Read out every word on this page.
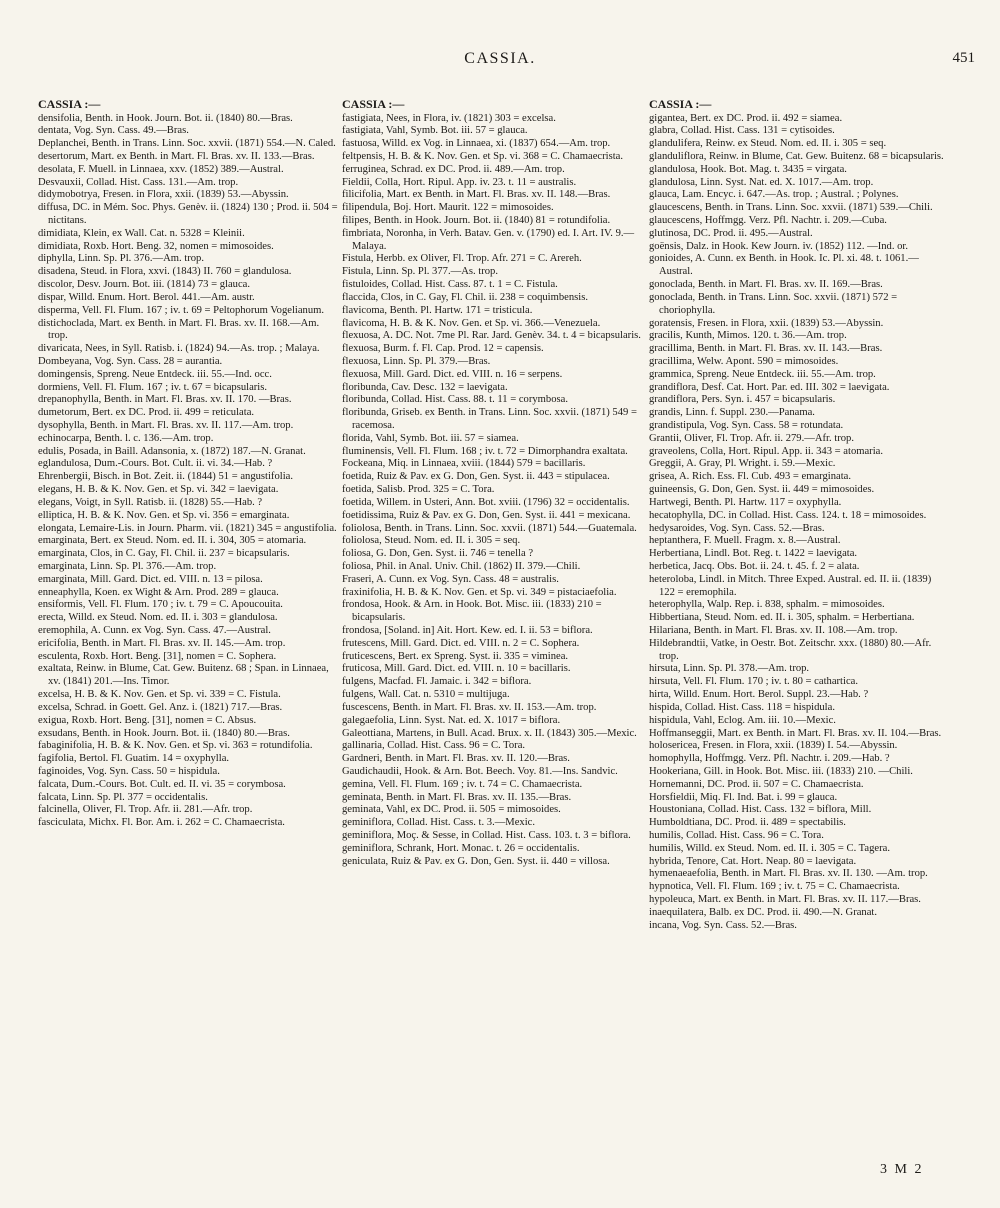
CASSIA.	451
CASSIA :—

densifolia, Benth. in Hook. Journ. Bot. ii. (1840) 80.—Bras.

dentata, Vog. Syn. Cass. 49.—Bras.

Deplanchei, Benth. in Trans. Linn. Soc. xxvii. (1871) 554.—N. Caled.

desertorum, Mart. ex Benth. in Mart. Fl. Bras. xv. II. 133.—Bras.

desolata, F. Muell. in Linnaea, xxv. (1852) 389.—Austral.

Desvauxii, Collad. Hist. Cass. 131.—Am. trop.

didymobotrya, Fresen. in Flora, xxii. (1839) 53.—Abyssin.

diffusa, DC. in Mém. Soc. Phys. Genèv. ii. (1824) 130 ; Prod. ii. 504 = nictitans.

dimidiata, Klein, ex Wall. Cat. n. 5328 = Kleinii.

dimidiata, Roxb. Hort. Beng. 32, nomen = mimosoides.

diphylla, Linn. Sp. Pl. 376.—Am. trop.

disadena, Steud. in Flora, xxvi. (1843) II. 760 = glandulosa.

discolor, Desv. Journ. Bot. iii. (1814) 73 = glauca.

dispar, Willd. Enum. Hort. Berol. 441.—Am. austr.

disperma, Vell. Fl. Flum. 167 ; iv. t. 69 = Peltophorum Vogelianum.

distichoclada, Mart. ex Benth. in Mart. Fl. Bras. xv. II. 168.—Am. trop.

divaricata, Nees, in Syll. Ratisb. i. (1824) 94.—As. trop. ; Malaya.

Dombeyana, Vog. Syn. Cass. 28 = aurantia.

domingensis, Spreng. Neue Entdeck. iii. 55.—Ind. occ.

dormiens, Vell. Fl. Flum. 167 ; iv. t. 67 = bicapsularis.

drepanophylla, Benth. in Mart. Fl. Bras. xv. II. 170. —Bras.

dumetorum, Bert. ex DC. Prod. ii. 499 = reticulata.

dysophylla, Benth. in Mart. Fl. Bras. xv. II. 117.—Am. trop.

echinocarpa, Benth. l. c. 136.—Am. trop.

edulis, Posada, in Baill. Adansonia, x. (1872) 187.—N. Granat.

eglandulosa, Dum.-Cours. Bot. Cult. ii. vi. 34.—Hab. ?

Ehrenbergii, Bisch. in Bot. Zeit. ii. (1844) 51 = angustifolia.

elegans, H. B. & K. Nov. Gen. et Sp. vi. 342 = laevigata.

elegans, Voigt, in Syll. Ratisb. ii. (1828) 55.—Hab. ?

elliptica, H. B. & K. Nov. Gen. et Sp. vi. 356 = emarginata.

elongata, Lemaire-Lis. in Journ. Pharm. vii. (1821) 345 = angustifolia.

emarginata, Bert. ex Steud. Nom. ed. II. i. 304, 305 = atomaria.

emarginata, Clos, in C. Gay, Fl. Chil. ii. 237 = bicapsularis.

emarginata, Linn. Sp. Pl. 376.—Am. trop.

emarginata, Mill. Gard. Dict. ed. VIII. n. 13 = pilosa.

enneaphylla, Koen. ex Wight & Arn. Prod. 289 = glauca.

ensiformis, Vell. Fl. Flum. 170 ; iv. t. 79 = C. Apoucouita.

erecta, Willd. ex Steud. Nom. ed. II. i. 303 = glandulosa.

eremophila, A. Cunn. ex Vog. Syn. Cass. 47.—Austral.

ericifolia, Benth. in Mart. Fl. Bras. xv. II. 145.—Am. trop.

esculenta, Roxb. Hort. Beng. [31], nomen = C. Sophera.

exaltata, Reinw. in Blume, Cat. Gew. Buitenz. 68 ; Span. in Linnaea, xv. (1841) 201.—Ins. Timor.

excelsa, H. B. & K. Nov. Gen. et Sp. vi. 339 = C. Fistula.

excelsa, Schrad. in Goett. Gel. Anz. i. (1821) 717.—Bras.

exigua, Roxb. Hort. Beng. [31], nomen = C. Absus.

exsudans, Benth. in Hook. Journ. Bot. ii. (1840) 80.—Bras.

fabaginifolia, H. B. & K. Nov. Gen. et Sp. vi. 363 = rotundifolia.

fagifolia, Bertol. Fl. Guatim. 14 = oxyphylla.

faginoides, Vog. Syn. Cass. 50 = hispidula.

falcata, Dum.-Cours. Bot. Cult. ed. II. vi. 35 = corymbosa.

falcata, Linn. Sp. Pl. 377 = occidentalis.

falcinella, Oliver, Fl. Trop. Afr. ii. 281.—Afr. trop.

fasciculata, Michx. Fl. Bor. Am. i. 262 = C. Chamaecrista.

CASSIA :—

fastigiata, Nees, in Flora, iv. (1821) 303 = excelsa.

fastigiata, Vahl, Symb. Bot. iii. 57 = glauca.

fastuosa, Willd. ex Vog. in Linnaea, xi. (1837) 654.—Am. trop.

feltpensis, H. B. & K. Nov. Gen. et Sp. vi. 368 = C. Chamaecrista.

ferruginea, Schrad. ex DC. Prod. ii. 489.—Am. trop.

Fieldii, Colla, Hort. Ripul. App. iv. 23. t. 11 = australis.

filicifolia, Mart. ex Benth. in Mart. Fl. Bras. xv. II. 148.—Bras.

filipendula, Boj. Hort. Maurit. 122 = mimosoides.

filipes, Benth. in Hook. Journ. Bot. ii. (1840) 81 = rotundifolia.

fimbriata, Noronha, in Verh. Batav. Gen. v. (1790) ed. I. Art. IV. 9.—Malaya.

Fistula, Herbb. ex Oliver, Fl. Trop. Afr. 271 = C. Arereh.

Fistula, Linn. Sp. Pl. 377.—As. trop.

fistuloides, Collad. Hist. Cass. 87. t. 1 = C. Fistula.

flaccida, Clos, in C. Gay, Fl. Chil. ii. 238 = coquimbensis.

flavicoma, Benth. Pl. Hartw. 171 = tristicula.

flavicoma, H. B. & K. Nov. Gen. et Sp. vi. 366.—Venezuela.

flexuosa, A. DC. Not. 7me Pl. Rar. Jard. Genèv. 34. t. 4 = bicapsularis.

flexuosa, Burm. f. Fl. Cap. Prod. 12 = capensis.

flexuosa, Linn. Sp. Pl. 379.—Bras.

flexuosa, Mill. Gard. Dict. ed. VIII. n. 16 = serpens.

floribunda, Cav. Desc. 132 = laevigata.

floribunda, Collad. Hist. Cass. 88. t. 11 = corymbosa.

floribunda, Griseb. ex Benth. in Trans. Linn. Soc. xxvii. (1871) 549 = racemosa.

florida, Vahl, Symb. Bot. iii. 57 = siamea.

fluminensis, Vell. Fl. Flum. 168 ; iv. t. 72 = Dimorphandra exaltata.

Fockeana, Miq. in Linnaea, xviii. (1844) 579 = bacillaris.

foetida, Ruiz & Pav. ex G. Don, Gen. Syst. ii. 443 = stipulacea.

foetida, Salisb. Prod. 325 = C. Tora.

foetida, Willem. in Usteri, Ann. Bot. xviii. (1796) 32 = occidentalis.

foetidissima, Ruiz & Pav. ex G. Don, Gen. Syst. ii. 441 = mexicana.

foliolosa, Benth. in Trans. Linn. Soc. xxvii. (1871) 544.—Guatemala.

foliolosa, Steud. Nom. ed. II. i. 305 = seq.

foliosa, G. Don, Gen. Syst. ii. 746 = tenella ?

foliosa, Phil. in Anal. Univ. Chil. (1862) II. 379.—Chili.

Fraseri, A. Cunn. ex Vog. Syn. Cass. 48 = australis.

fraxinifolia, H. B. & K. Nov. Gen. et Sp. vi. 349 = pistaciaefolia.

frondosa, Hook. & Arn. in Hook. Bot. Misc. iii. (1833) 210 = bicapsularis.

frondosa, [Soland. in] Ait. Hort. Kew. ed. I. ii. 53 = biflora.

frutescens, Mill. Gard. Dict. ed. VIII. n. 2 = C. Sophera.

fruticescens, Bert. ex Spreng. Syst. ii. 335 = viminea.

fruticosa, Mill. Gard. Dict. ed. VIII. n. 10 = bacillaris.

fulgens, Macfad. Fl. Jamaic. i. 342 = biflora.

fulgens, Wall. Cat. n. 5310 = multijuga.

fuscescens, Benth. in Mart. Fl. Bras. xv. II. 153.—Am. trop.

galegaefolia, Linn. Syst. Nat. ed. X. 1017 = biflora.

Galeottiana, Martens, in Bull. Acad. Brux. x. II. (1843) 305.—Mexic.

gallinaria, Collad. Hist. Cass. 96 = C. Tora.

Gardneri, Benth. in Mart. Fl. Bras. xv. II. 120.—Bras.

Gaudichaudii, Hook. & Arn. Bot. Beech. Voy. 81.—Ins. Sandvic.

gemina, Vell. Fl. Flum. 169 ; iv. t. 74 = C. Chamaecrista.

geminata, Benth. in Mart. Fl. Bras. xv. II. 135.—Bras.

geminata, Vahl, ex DC. Prod. ii. 505 = mimosoides.

geminiflora, Collad. Hist. Cass. t. 3.—Mexic.

geminiflora, Moç. & Sesse, in Collad. Hist. Cass. 103. t. 3 = biflora.

geminiflora, Schrank, Hort. Monac. t. 26 = occidentalis.

geniculata, Ruiz & Pav. ex G. Don, Gen. Syst. ii. 440 = villosa.

CASSIA :—

gigantea, Bert. ex DC. Prod. ii. 492 = siamea.

glabra, Collad. Hist. Cass. 131 = cytisoides.

glandulifera, Reinw. ex Steud. Nom. ed. II. i. 305 = seq.

glanduliflora, Reinw. in Blume, Cat. Gew. Buitenz. 68 = bicapsularis.

glandulosa, Hook. Bot. Mag. t. 3435 = virgata.

glandulosa, Linn. Syst. Nat. ed. X. 1017.—Am. trop.

glauca, Lam. Encyc. i. 647.—As. trop. ; Austral. ; Polynes.

glaucescens, Benth. in Trans. Linn. Soc. xxvii. (1871) 539.—Chili.

glaucescens, Hoffmgg. Verz. Pfl. Nachtr. i. 209.—Cuba.

glutinosa, DC. Prod. ii. 495.—Austral.

goënsis, Dalz. in Hook. Kew Journ. iv. (1852) 112. —Ind. or.

gonioides, A. Cunn. ex Benth. in Hook. Ic. Pl. xi. 48. t. 1061.—Austral.

gonoclada, Benth. in Mart. Fl. Bras. xv. II. 169.—Bras.

gonoclada, Benth. in Trans. Linn. Soc. xxvii. (1871) 572 = choriophylla.

goratensis, Fresen. in Flora, xxii. (1839) 53.—Abyssin.

gracilis, Kunth, Mimos. 120. t. 36.—Am. trop.

gracillima, Benth. in Mart. Fl. Bras. xv. II. 143.—Bras.

gracillima, Welw. Apont. 590 = mimosoides.

grammica, Spreng. Neue Entdeck. iii. 55.—Am. trop.

grandiflora, Desf. Cat. Hort. Par. ed. III. 302 = laevigata.

grandiflora, Pers. Syn. i. 457 = bicapsularis.

grandis, Linn. f. Suppl. 230.—Panama.

grandistipula, Vog. Syn. Cass. 58 = rotundata.

Grantii, Oliver, Fl. Trop. Afr. ii. 279.—Afr. trop.

graveolens, Colla, Hort. Ripul. App. ii. 343 = atomaria.

Greggii, A. Gray, Pl. Wright. i. 59.—Mexic.

grisea, A. Rich. Ess. Fl. Cub. 493 = emarginata.

guineensis, G. Don, Gen. Syst. ii. 449 = mimosoides.

Hartwegi, Benth. Pl. Hartw. 117 = oxyphylla.

hecatophylla, DC. in Collad. Hist. Cass. 124. t. 18 = mimosoides.

hedysaroides, Vog. Syn. Cass. 52.—Bras.

heptanthera, F. Muell. Fragm. x. 8.—Austral.

Herbertiana, Lindl. Bot. Reg. t. 1422 = laevigata.

herbetica, Jacq. Obs. Bot. ii. 24. t. 45. f. 2 = alata.

heteroloba, Lindl. in Mitch. Three Exped. Austral. ed. II. ii. (1839) 122 = eremophila.

heterophylla, Walp. Rep. i. 838, sphalm. = mimosoides.

Hibbertiana, Steud. Nom. ed. II. i. 305, sphalm. = Herbertiana.

Hilariana, Benth. in Mart. Fl. Bras. xv. II. 108.—Am. trop.

Hildebrandtii, Vatke, in Oestr. Bot. Zeitschr. xxx. (1880) 80.—Afr. trop.

hirsuta, Linn. Sp. Pl. 378.—Am. trop.

hirsuta, Vell. Fl. Flum. 170 ; iv. t. 80 = cathartica.

hirta, Willd. Enum. Hort. Berol. Suppl. 23.—Hab. ?

hispida, Collad. Hist. Cass. 118 = hispidula.

hispidula, Vahl, Eclog. Am. iii. 10.—Mexic.

Hoffmanseggii, Mart. ex Benth. in Mart. Fl. Bras. xv. II. 104.—Bras.

holosericea, Fresen. in Flora, xxii. (1839) I. 54.—Abyssin.

homophylla, Hoffmgg. Verz. Pfl. Nachtr. i. 209.—Hab. ?

Hookeriana, Gill. in Hook. Bot. Misc. iii. (1833) 210. —Chili.

Hornemanni, DC. Prod. ii. 507 = C. Chamaecrista.

Horsfieldii, Miq. Fl. Ind. Bat. i. 99 = glauca.

Houstoniana, Collad. Hist. Cass. 132 = biflora, Mill.

Humboldtiana, DC. Prod. ii. 489 = spectabilis.

humilis, Collad. Hist. Cass. 96 = C. Tora.

humilis, Willd. ex Steud. Nom. ed. II. i. 305 = C. Tagera.

hybrida, Tenore, Cat. Hort. Neap. 80 = laevigata.

hymenaeaefolia, Benth. in Mart. Fl. Bras. xv. II. 130. —Am. trop.

hypnotica, Vell. Fl. Flum. 169 ; iv. t. 75 = C. Chamaecrista.

hypoleuca, Mart. ex Benth. in Mart. Fl. Bras. xv. II. 117.—Bras.

inaequilatera, Balb. ex DC. Prod. ii. 490.—N. Granat.

incana, Vog. Syn. Cass. 52.—Bras.

3 M 2
